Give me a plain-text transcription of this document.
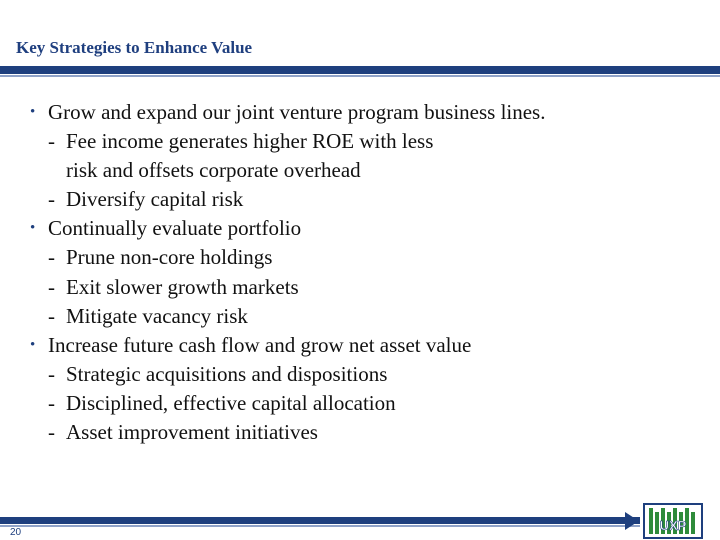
Key Strategies to Enhance Value
• Grow and expand our joint venture program business lines.
- Fee income generates higher ROE with less
risk and offsets corporate overhead
- Diversify capital risk
• Continually evaluate portfolio
- Prune non-core holdings
- Exit slower growth markets
- Mitigate vacancy risk
• Increase future cash flow and grow net asset value
- Strategic acquisitions and dispositions
- Disciplined, effective capital allocation
- Asset improvement initiatives
20	UXP
